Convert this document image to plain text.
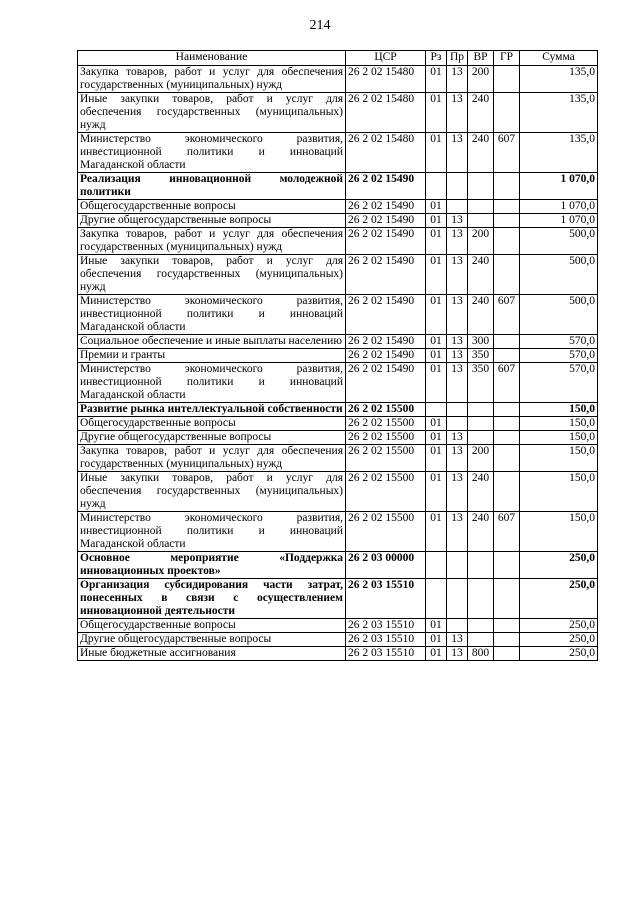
214
Наименование	ЦСР	Рз	Пр	ВР	ГР	Сумма
Закупка товаров, работ и услуг для обеспечения государственных (муниципальных) нужд	26 2 02 15480	01	13	200		135,0
Иные закупки товаров, работ и услуг для обеспечения государственных (муниципальных) нужд	26 2 02 15480	01	13	240		135,0
Министерство экономического развития, инвестиционной политики и инноваций Магаданской области	26 2 02 15480	01	13	240	607	135,0
Реализация инновационной молодежной политики	26 2 02 15490					1 070,0
Общегосударственные вопросы	26 2 02 15490	01				1 070,0
Другие общегосударственные вопросы	26 2 02 15490	01	13			1 070,0
Закупка товаров, работ и услуг для обеспечения государственных (муниципальных) нужд	26 2 02 15490	01	13	200		500,0
Иные закупки товаров, работ и услуг для обеспечения государственных (муниципальных) нужд	26 2 02 15490	01	13	240		500,0
Министерство экономического развития, инвестиционной политики и инноваций Магаданской области	26 2 02 15490	01	13	240	607	500,0
Социальное обеспечение и иные выплаты населению	26 2 02 15490	01	13	300		570,0
Премии и гранты	26 2 02 15490	01	13	350		570,0
Министерство экономического развития, инвестиционной политики и инноваций Магаданской области	26 2 02 15490	01	13	350	607	570,0
Развитие рынка интеллектуальной собственности	26 2 02 15500					150,0
Общегосударственные вопросы	26 2 02 15500	01				150,0
Другие общегосударственные вопросы	26 2 02 15500	01	13			150,0
Закупка товаров, работ и услуг для обеспечения государственных (муниципальных) нужд	26 2 02 15500	01	13	200		150,0
Иные закупки товаров, работ и услуг для обеспечения государственных (муниципальных) нужд	26 2 02 15500	01	13	240		150,0
Министерство экономического развития, инвестиционной политики и инноваций Магаданской области	26 2 02 15500	01	13	240	607	150,0
Основное мероприятие «Поддержка инновационных проектов»	26 2 03 00000					250,0
Организация субсидирования части затрат, понесенных в связи с осуществлением инновационной деятельности	26 2 03 15510					250,0
Общегосударственные вопросы	26 2 03 15510	01				250,0
Другие общегосударственные вопросы	26 2 03 15510	01	13			250,0
Иные бюджетные ассигнования	26 2 03 15510	01	13	800		250,0
